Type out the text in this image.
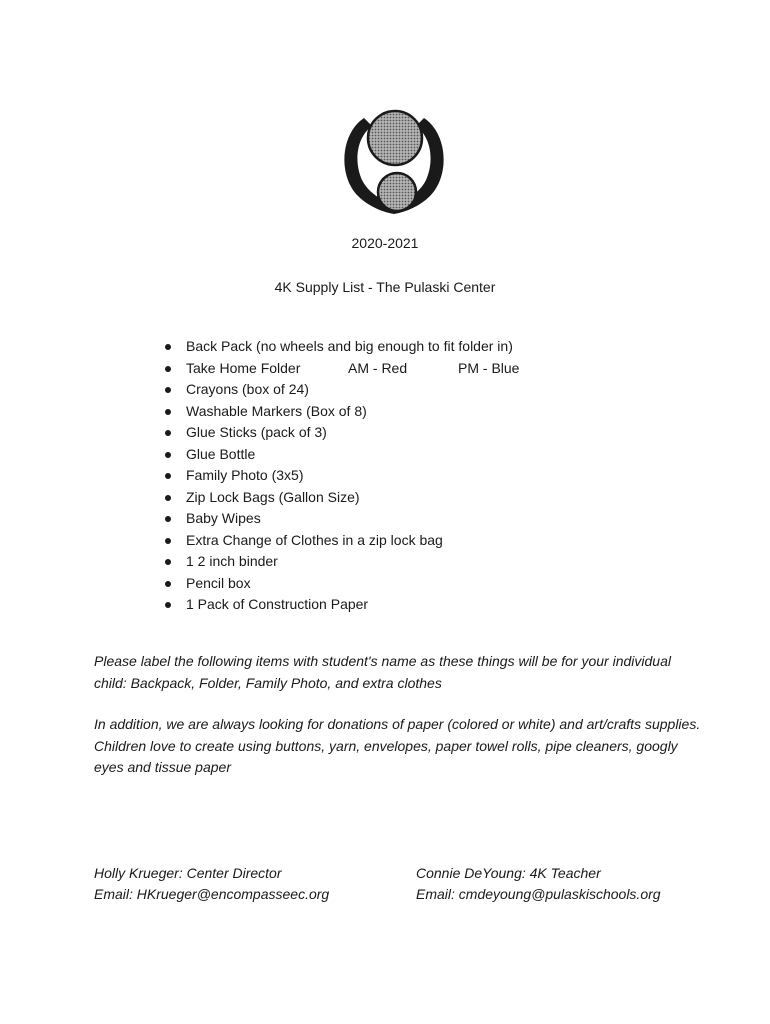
2020-2021
4K Supply List - The Pulaski Center
Back Pack (no wheels and big enough to fit folder in)
Take Home Folder	AM - Red	PM - Blue
Crayons (box of 24)
Washable Markers (Box of 8)
Glue Sticks (pack of 3)
Glue Bottle
Family Photo (3x5)
Zip Lock Bags (Gallon Size)
Baby Wipes
Extra Change of Clothes in a zip lock bag
1 2 inch binder
Pencil box
1 Pack of Construction Paper
Please label the following items with student's name as these things will be for your individual child: Backpack, Folder, Family Photo, and extra clothes
In addition, we are always looking for donations of paper (colored or white) and art/crafts supplies. Children love to create using buttons, yarn, envelopes, paper towel rolls, pipe cleaners, googly eyes and tissue paper
Holly Krueger: Center Director
Email: HKrueger@encompasseec.org
Connie DeYoung: 4K Teacher
Email: cmdeyoung@pulaskischools.org
